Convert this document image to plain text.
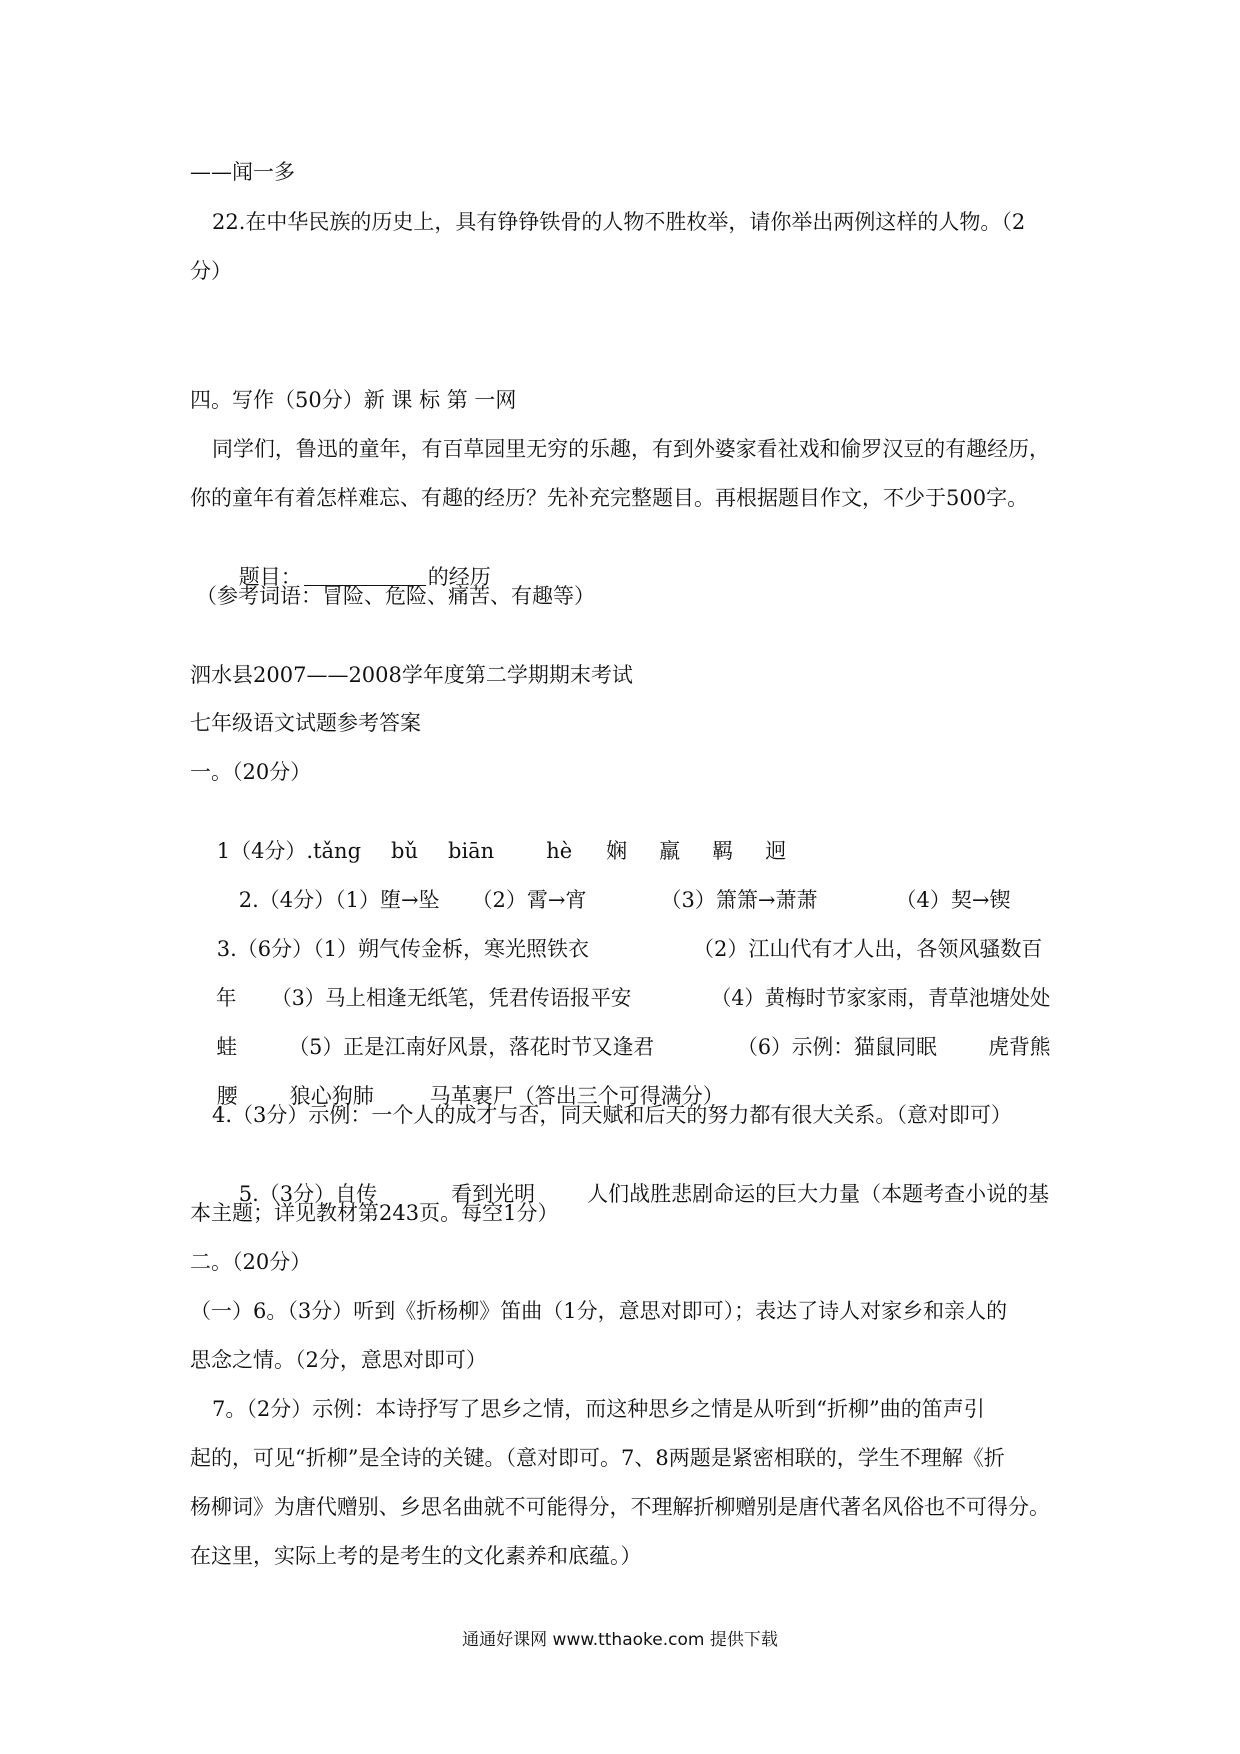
——闻一多
22.在中华民族的历史上，具有铮铮铁骨的人物不胜枚举，请你举出两例这样的人物。（2
分）
四。写作（50分）新 课 标 第 一网
同学们，鲁迅的童年，有百草园里无穷的乐趣，有到外婆家看社戏和偷罗汉豆的有趣经历，
你的童年有着怎样难忘、有趣的经历？先补充完整题目。再根据题目作文，不少于500字。

题目：	的经历

（参考词语：冒险、危险、痛苦、有趣等）
泗水县2007——2008学年度第二学期期末考试
七年级语文试题参考答案
一。（20分）

1（4分）.tǎng bǔ biān hè 娴 羸 羁 迥

2.（4分）（1）堕→坠 （2）霄→宵	（3）箫箫→萧萧	（4）契→锲

3.（6分）（1）朔气传金柝，寒光照铁衣	（2）江山代有才人出，各领风骚数百

年 （3）马上相逢无纸笔，凭君传语报平安	（4）黄梅时节家家雨，青草池塘处处

蛙 （5）正是江南好风景，落花时节又逢君	（6）示例：猫鼠同眠 虎背熊

腰 狼心狗肺	马革裹尸（答出三个可得满分）

4.（3分）示例：一个人的成才与否，同天赋和后天的努力都有很大关系。（意对即可）

5.（3分）自传	看到光明 人们战胜悲剧命运的巨大力量（本题考查小说的基

本主题；详见教材第243页。每空1分）
二。（20分）
（一）6。（3分）听到《折杨柳》笛曲（1分，意思对即可）；表达了诗人对家乡和亲人的
思念之情。（2分，意思对即可）
7。（2分）示例：本诗抒写了思乡之情，而这种思乡之情是从听到“折柳”曲的笛声引
起的，可见“折柳”是全诗的关键。（意对即可。7、8两题是紧密相联的，学生不理解《折
杨柳词》为唐代赠别、乡思名曲就不可能得分，不理解折柳赠别是唐代著名风俗也不可得分。
在这里，实际上考的是考生的文化素养和底蕴。）
通通好课网 www.tthaoke.com 提供下载
